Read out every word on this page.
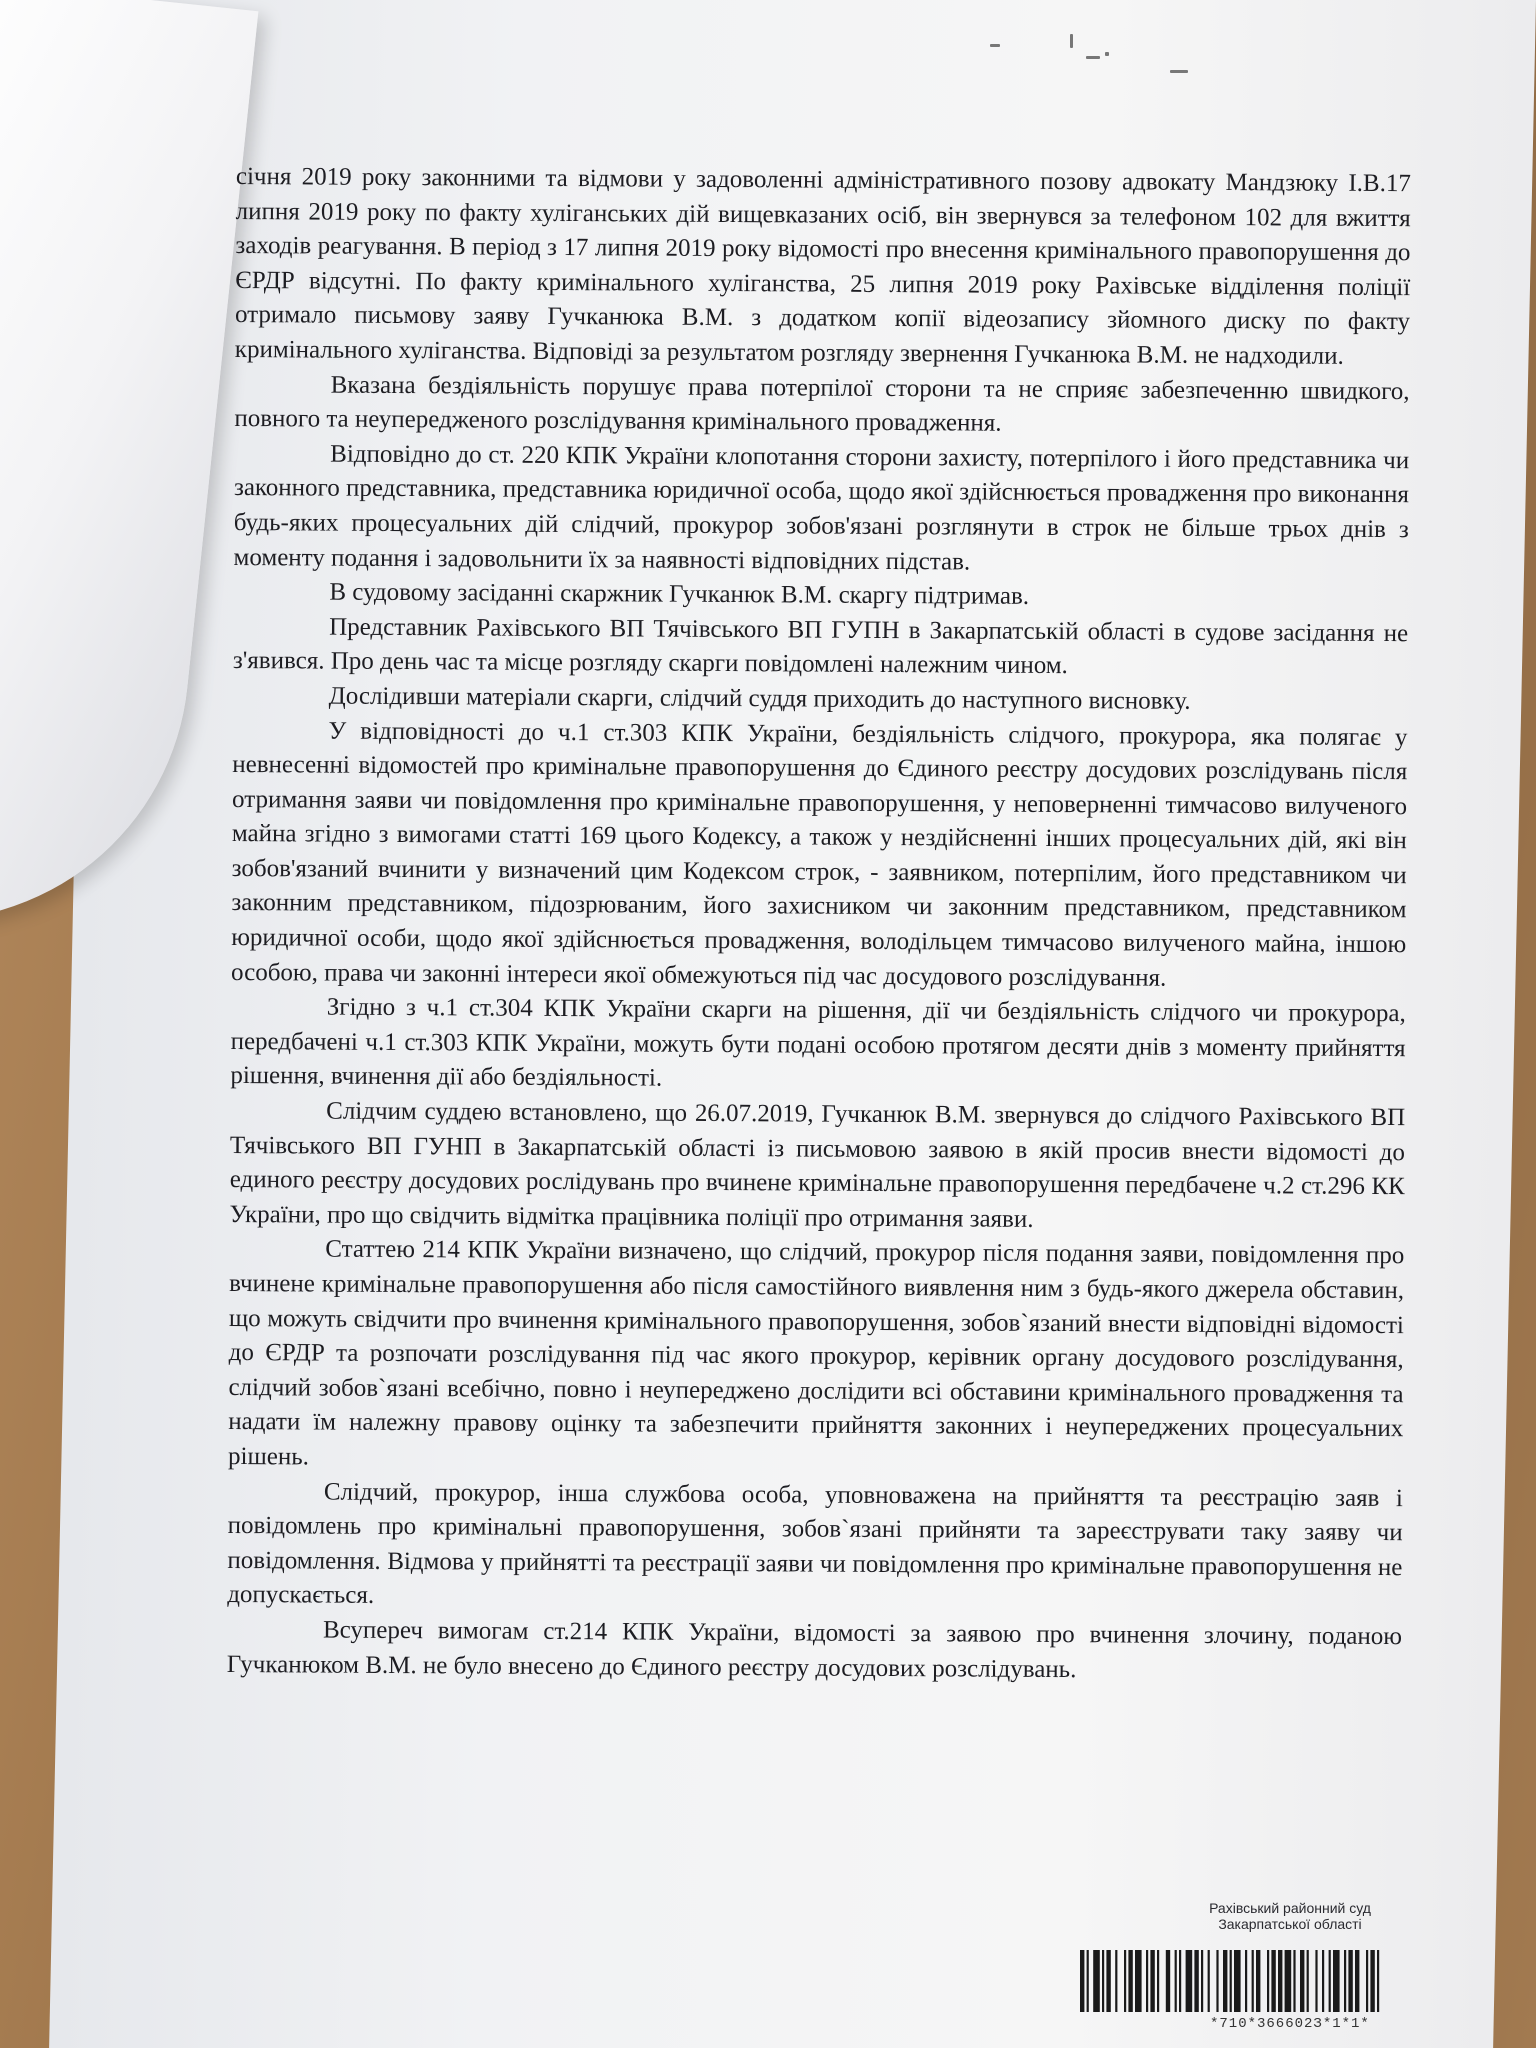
січня 2019 року законними та відмови у задоволенні адміністративного позову адвокату Мандзюку І.В.17 липня 2019 року по факту хуліганських дій вищевказаних осіб, він звернувся за телефоном 102 для вжиття заходів реагування. В період з 17 липня 2019 року відомості про внесення кримінального правопорушення до ЄРДР відсутні. По факту кримінального хуліганства, 25 липня 2019 року Рахівське відділення поліції отримало письмову заяву Гучканюка В.М. з додатком копії відеозапису зйомного диску по факту кримінального хуліганства. Відповіді за результатом розгляду звернення Гучканюка В.М. не надходили.

Вказана бездіяльність порушує права потерпілої сторони та не сприяє забезпеченню швидкого, повного та неупередженого розслідування кримінального провадження.

Відповідно до ст. 220 КПК України клопотання сторони захисту, потерпілого і його представника чи законного представника, представника юридичної особа, щодо якої здійснюється провадження про виконання будь-яких процесуальних дій слідчий, прокурор зобов'язані розглянути в строк не більше трьох днів з моменту подання і задовольнити їх за наявності відповідних підстав.

В судовому засіданні скаржник Гучканюк В.М. скаргу підтримав.

Представник Рахівського ВП Тячівського ВП ГУПН в Закарпатській області в судове засідання не з'явився. Про день час та місце розгляду скарги повідомлені належним чином.

Дослідивши матеріали скарги, слідчий суддя приходить до наступного висновку.

У відповідності до ч.1 ст.303 КПК України, бездіяльність слідчого, прокурора, яка полягає у невнесенні відомостей про кримінальне правопорушення до Єдиного реєстру досудових розслідувань після отримання заяви чи повідомлення про кримінальне правопорушення, у неповерненні тимчасово вилученого майна згідно з вимогами статті 169 цього Кодексу, а також у нездійсненні інших процесуальних дій, які він зобов'язаний вчинити у визначений цим Кодексом строк, - заявником, потерпілим, його представником чи законним представником, підозрюваним, його захисником чи законним представником, представником юридичної особи, щодо якої здійснюється провадження, володільцем тимчасово вилученого майна, іншою особою, права чи законні інтереси якої обмежуються під час досудового розслідування.

Згідно з ч.1 ст.304 КПК України скарги на рішення, дії чи бездіяльність слідчого чи прокурора, передбачені ч.1 ст.303 КПК України, можуть бути подані особою протягом десяти днів з моменту прийняття рішення, вчинення дії або бездіяльності.

Слідчим суддею встановлено, що 26.07.2019, Гучканюк В.М. звернувся до слідчого Рахівського ВП Тячівського ВП ГУНП в Закарпатській області із письмовою заявою в якій просив внести відомості до единого реєстру досудових рослідувань про вчинене кримінальне правопорушення передбачене ч.2 ст.296 КК України, про що свідчить відмітка працівника поліції про отримання заяви.

Статтею 214 КПК України визначено, що слідчий, прокурор після подання заяви, повідомлення про вчинене кримінальне правопорушення або після самостійного виявлення ним з будь-якого джерела обставин, що можуть свідчити про вчинення кримінального правопорушення, зобов`язаний внести відповідні відомості до ЄРДР та розпочати розслідування під час якого прокурор, керівник органу досудового розслідування, слідчий зобов`язані всебічно, повно і неупереджено дослідити всі обставини кримінального провадження та надати їм належну правову оцінку та забезпечити прийняття законних і неупереджених процесуальних рішень.

Слідчий, прокурор, інша службова особа, уповноважена на прийняття та реєстрацію заяв і повідомлень про кримінальні правопорушення, зобов`язані прийняти та зареєструвати таку заяву чи повідомлення. Відмова у прийнятті та реєстрації заяви чи повідомлення про кримінальне правопорушення не допускається.

Всупереч вимогам ст.214 КПК України, відомості за заявою про вчинення злочину, поданою Гучканюком В.М. не було внесено до Єдиного реєстру досудових розслідувань.

Рахівський районний суд
Закарпатської області
*710*366602З*1*1*
